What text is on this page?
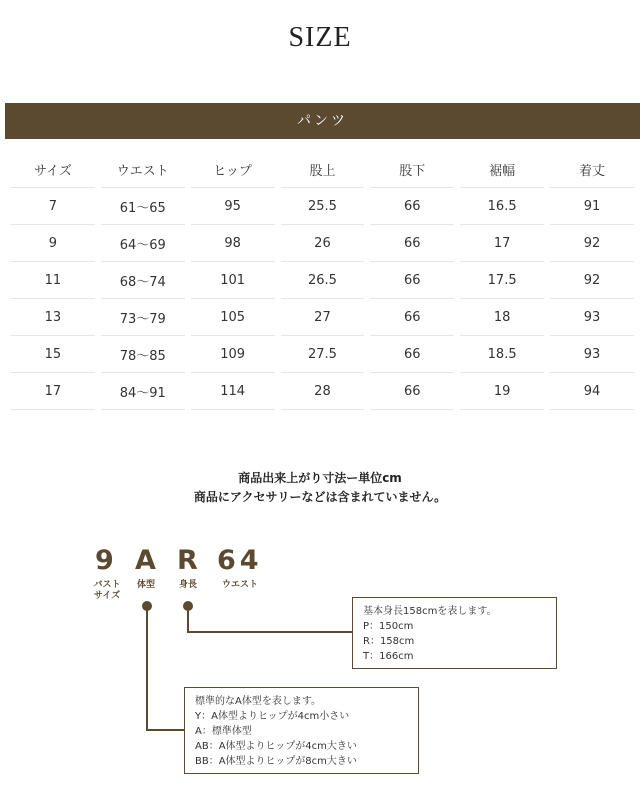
SIZE
パンツ
サイズ	ウエスト	ヒップ	股上	股下	裾幅	着丈
7	61〜65	95	25.5	66	16.5	91
9	64〜69	98	26	66	17	92
11	68〜74	101	26.5	66	17.5	92
13	73〜79	105	27	66	18	93
15	78〜85	109	27.5	66	18.5	93
17	84〜91	114	28	66	19	94
商品出来上がり寸法ー単位cm
商品にアクセサリーなどは含まれていません。
9 A R 64
バスト
サイズ
体型	身長	ウエスト
基本身長158cmを表します。
P：150cm
R：158cm
T：166cm
標準的なA体型を表します。
Y：A体型よりヒップが4cm小さい
A：標準体型
AB：A体型よりヒップが4cm大きい
BB：A体型よりヒップが8cm大きい
